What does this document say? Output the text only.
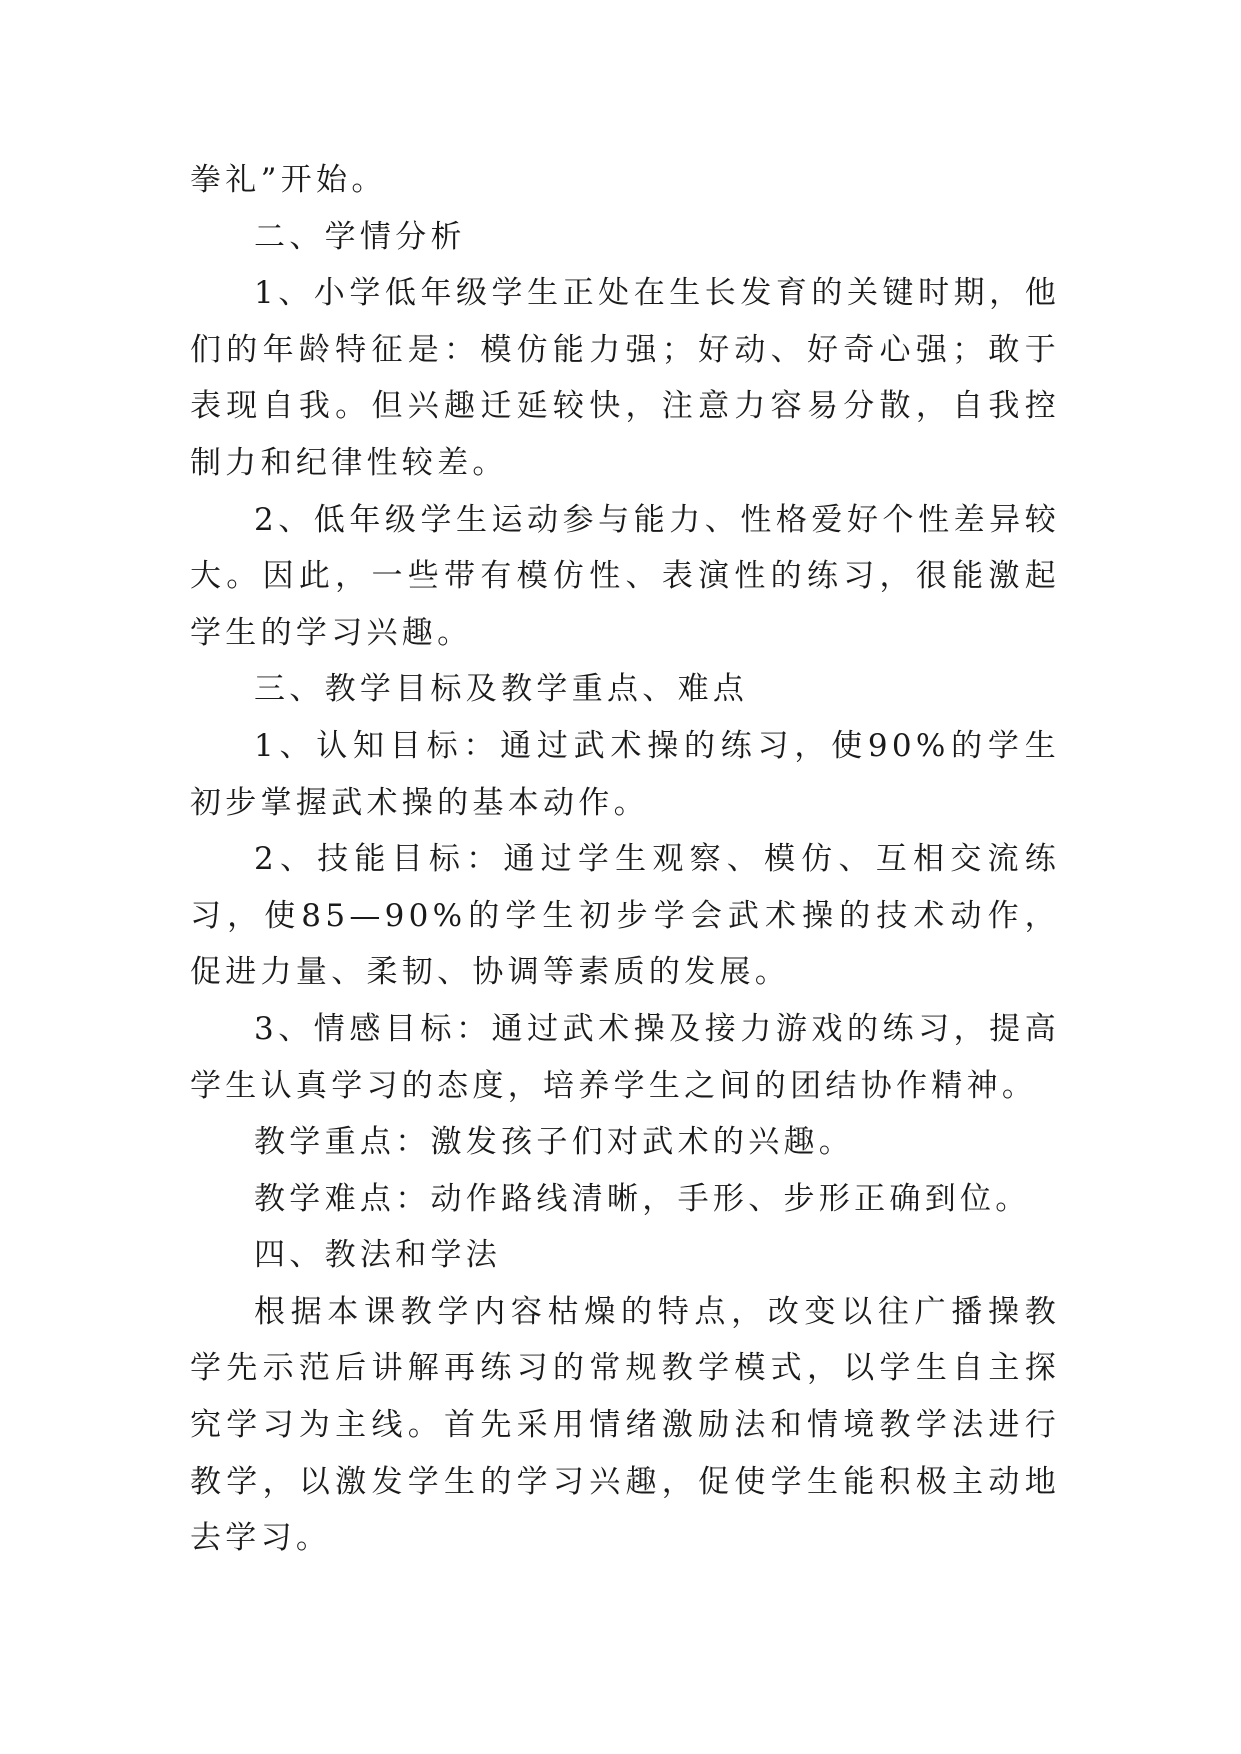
拳礼”开始。

二、学情分析

1、小学低年级学生正处在生长发育的关键时期，他们的年龄特征是：模仿能力强；好动、好奇心强；敢于表现自我。但兴趣迁延较快，注意力容易分散，自我控制力和纪律性较差。

2、低年级学生运动参与能力、性格爱好个性差异较大。因此，一些带有模仿性、表演性的练习，很能激起学生的学习兴趣。

三、教学目标及教学重点、难点

1、认知目标：通过武术操的练习，使90%的学生初步掌握武术操的基本动作。

2、技能目标：通过学生观察、模仿、互相交流练习，使85—90%的学生初步学会武术操的技术动作，促进力量、柔韧、协调等素质的发展。

3、情感目标：通过武术操及接力游戏的练习，提高学生认真学习的态度，培养学生之间的团结协作精神。

教学重点：激发孩子们对武术的兴趣。

教学难点：动作路线清晰，手形、步形正确到位。

四、教法和学法

根据本课教学内容枯燥的特点，改变以往广播操教学先示范后讲解再练习的常规教学模式，以学生自主探究学习为主线。首先采用情绪激励法和情境教学法进行教学，以激发学生的学习兴趣，促使学生能积极主动地去学习。
